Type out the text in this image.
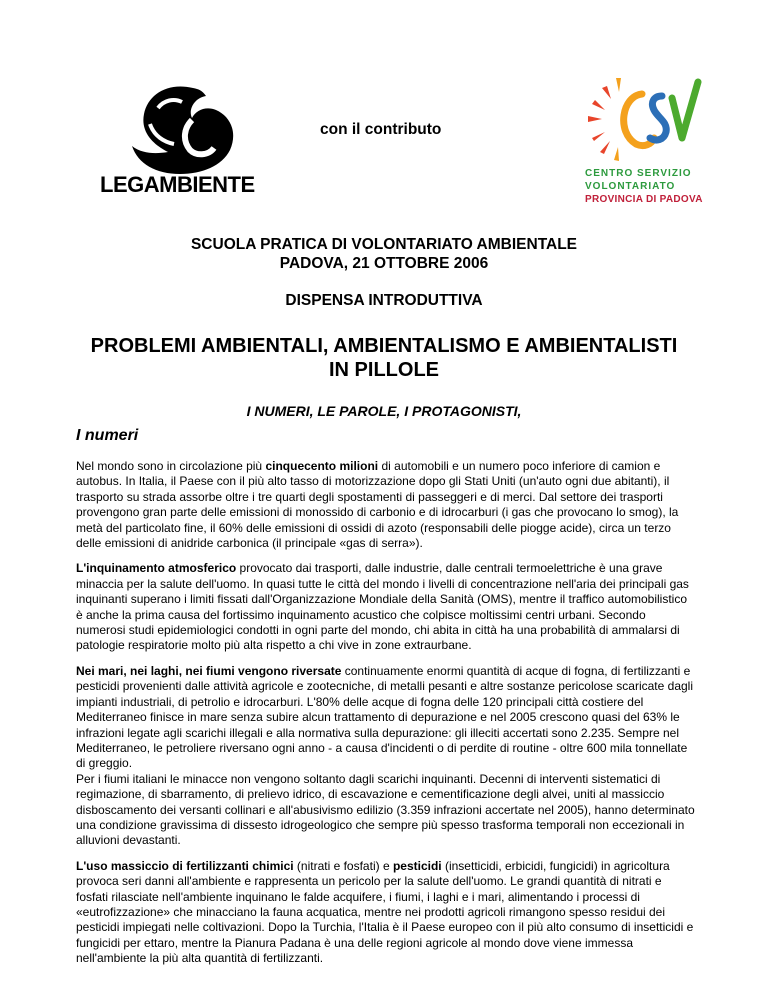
LEGAMBIENTE
con il contributo
CENTRO SERVIZIO
VOLONTARIATO
PROVINCIA DI PADOVA
SCUOLA PRATICA DI VOLONTARIATO AMBIENTALE
PADOVA, 21 OTTOBRE 2006
DISPENSA INTRODUTTIVA
PROBLEMI AMBIENTALI, AMBIENTALISMO E AMBIENTALISTI
IN PILLOLE
I NUMERI, LE PAROLE, I PROTAGONISTI,
I numeri

Nel mondo sono in circolazione più cinquecento milioni di automobili e un numero poco inferiore di camion e autobus. In Italia, il Paese con il più alto tasso di motorizzazione dopo gli Stati Uniti (un'auto ogni due abitanti), il trasporto su strada assorbe oltre i tre quarti degli spostamenti di passeggeri e di merci. Dal settore dei trasporti provengono gran parte delle emissioni di monossido di carbonio e di idrocarburi (i gas che provocano lo smog), la metà del particolato fine, il 60% delle emissioni di ossidi di azoto (responsabili delle piogge acide), circa un terzo delle emissioni di anidride carbonica (il principale «gas di serra»).

L'inquinamento atmosferico provocato dai trasporti, dalle industrie, dalle centrali termoelettriche è una grave minaccia per la salute dell'uomo. In quasi tutte le città del mondo i livelli di concentrazione nell'aria dei principali gas inquinanti superano i limiti fissati dall'Organizzazione Mondiale della Sanità (OMS), mentre il traffico automobilistico è anche la prima causa del fortissimo inquinamento acustico che colpisce moltissimi centri urbani. Secondo numerosi studi epidemiologici condotti in ogni parte del mondo, chi abita in città ha una probabilità di ammalarsi di patologie respiratorie molto più alta rispetto a chi vive in zone extraurbane.

Nei mari, nei laghi, nei fiumi vengono riversate continuamente enormi quantità di acque di fogna, di fertilizzanti e pesticidi provenienti dalle attività agricole e zootecniche, di metalli pesanti e altre sostanze pericolose scaricate dagli impianti industriali, di petrolio e idrocarburi. L'80% delle acque di fogna delle 120 principali città costiere del Mediterraneo finisce in mare senza subire alcun trattamento di depurazione e nel 2005 crescono quasi del 63% le infrazioni legate agli scarichi illegali e alla normativa sulla depurazione: gli illeciti accertati sono 2.235. Sempre nel Mediterraneo, le petroliere riversano ogni anno - a causa d'incidenti o di perdite di routine - oltre 600 mila tonnellate di greggio.
Per i fiumi italiani le minacce non vengono soltanto dagli scarichi inquinanti. Decenni di interventi sistematici di regimazione, di sbarramento, di prelievo idrico, di escavazione e cementificazione degli alvei, uniti al massiccio disboscamento dei versanti collinari e all'abusivismo edilizio (3.359 infrazioni accertate nel 2005), hanno determinato una condizione gravissima di dissesto idrogeologico che sempre più spesso trasforma temporali non eccezionali in alluvioni devastanti.

L'uso massiccio di fertilizzanti chimici (nitrati e fosfati) e pesticidi (insetticidi, erbicidi, fungicidi) in agricoltura provoca seri danni all'ambiente e rappresenta un pericolo per la salute dell'uomo. Le grandi quantità di nitrati e fosfati rilasciate nell'ambiente inquinano le falde acquifere, i fiumi, i laghi e i mari, alimentando i processi di «eutrofizzazione» che minacciano la fauna acquatica, mentre nei prodotti agricoli rimangono spesso residui dei pesticidi impiegati nelle coltivazioni. Dopo la Turchia, l'Italia è il Paese europeo con il più alto consumo di insetticidi e fungicidi per ettaro, mentre la Pianura Padana è una delle regioni agricole al mondo dove viene immessa nell'ambiente la più alta quantità di fertilizzanti.
